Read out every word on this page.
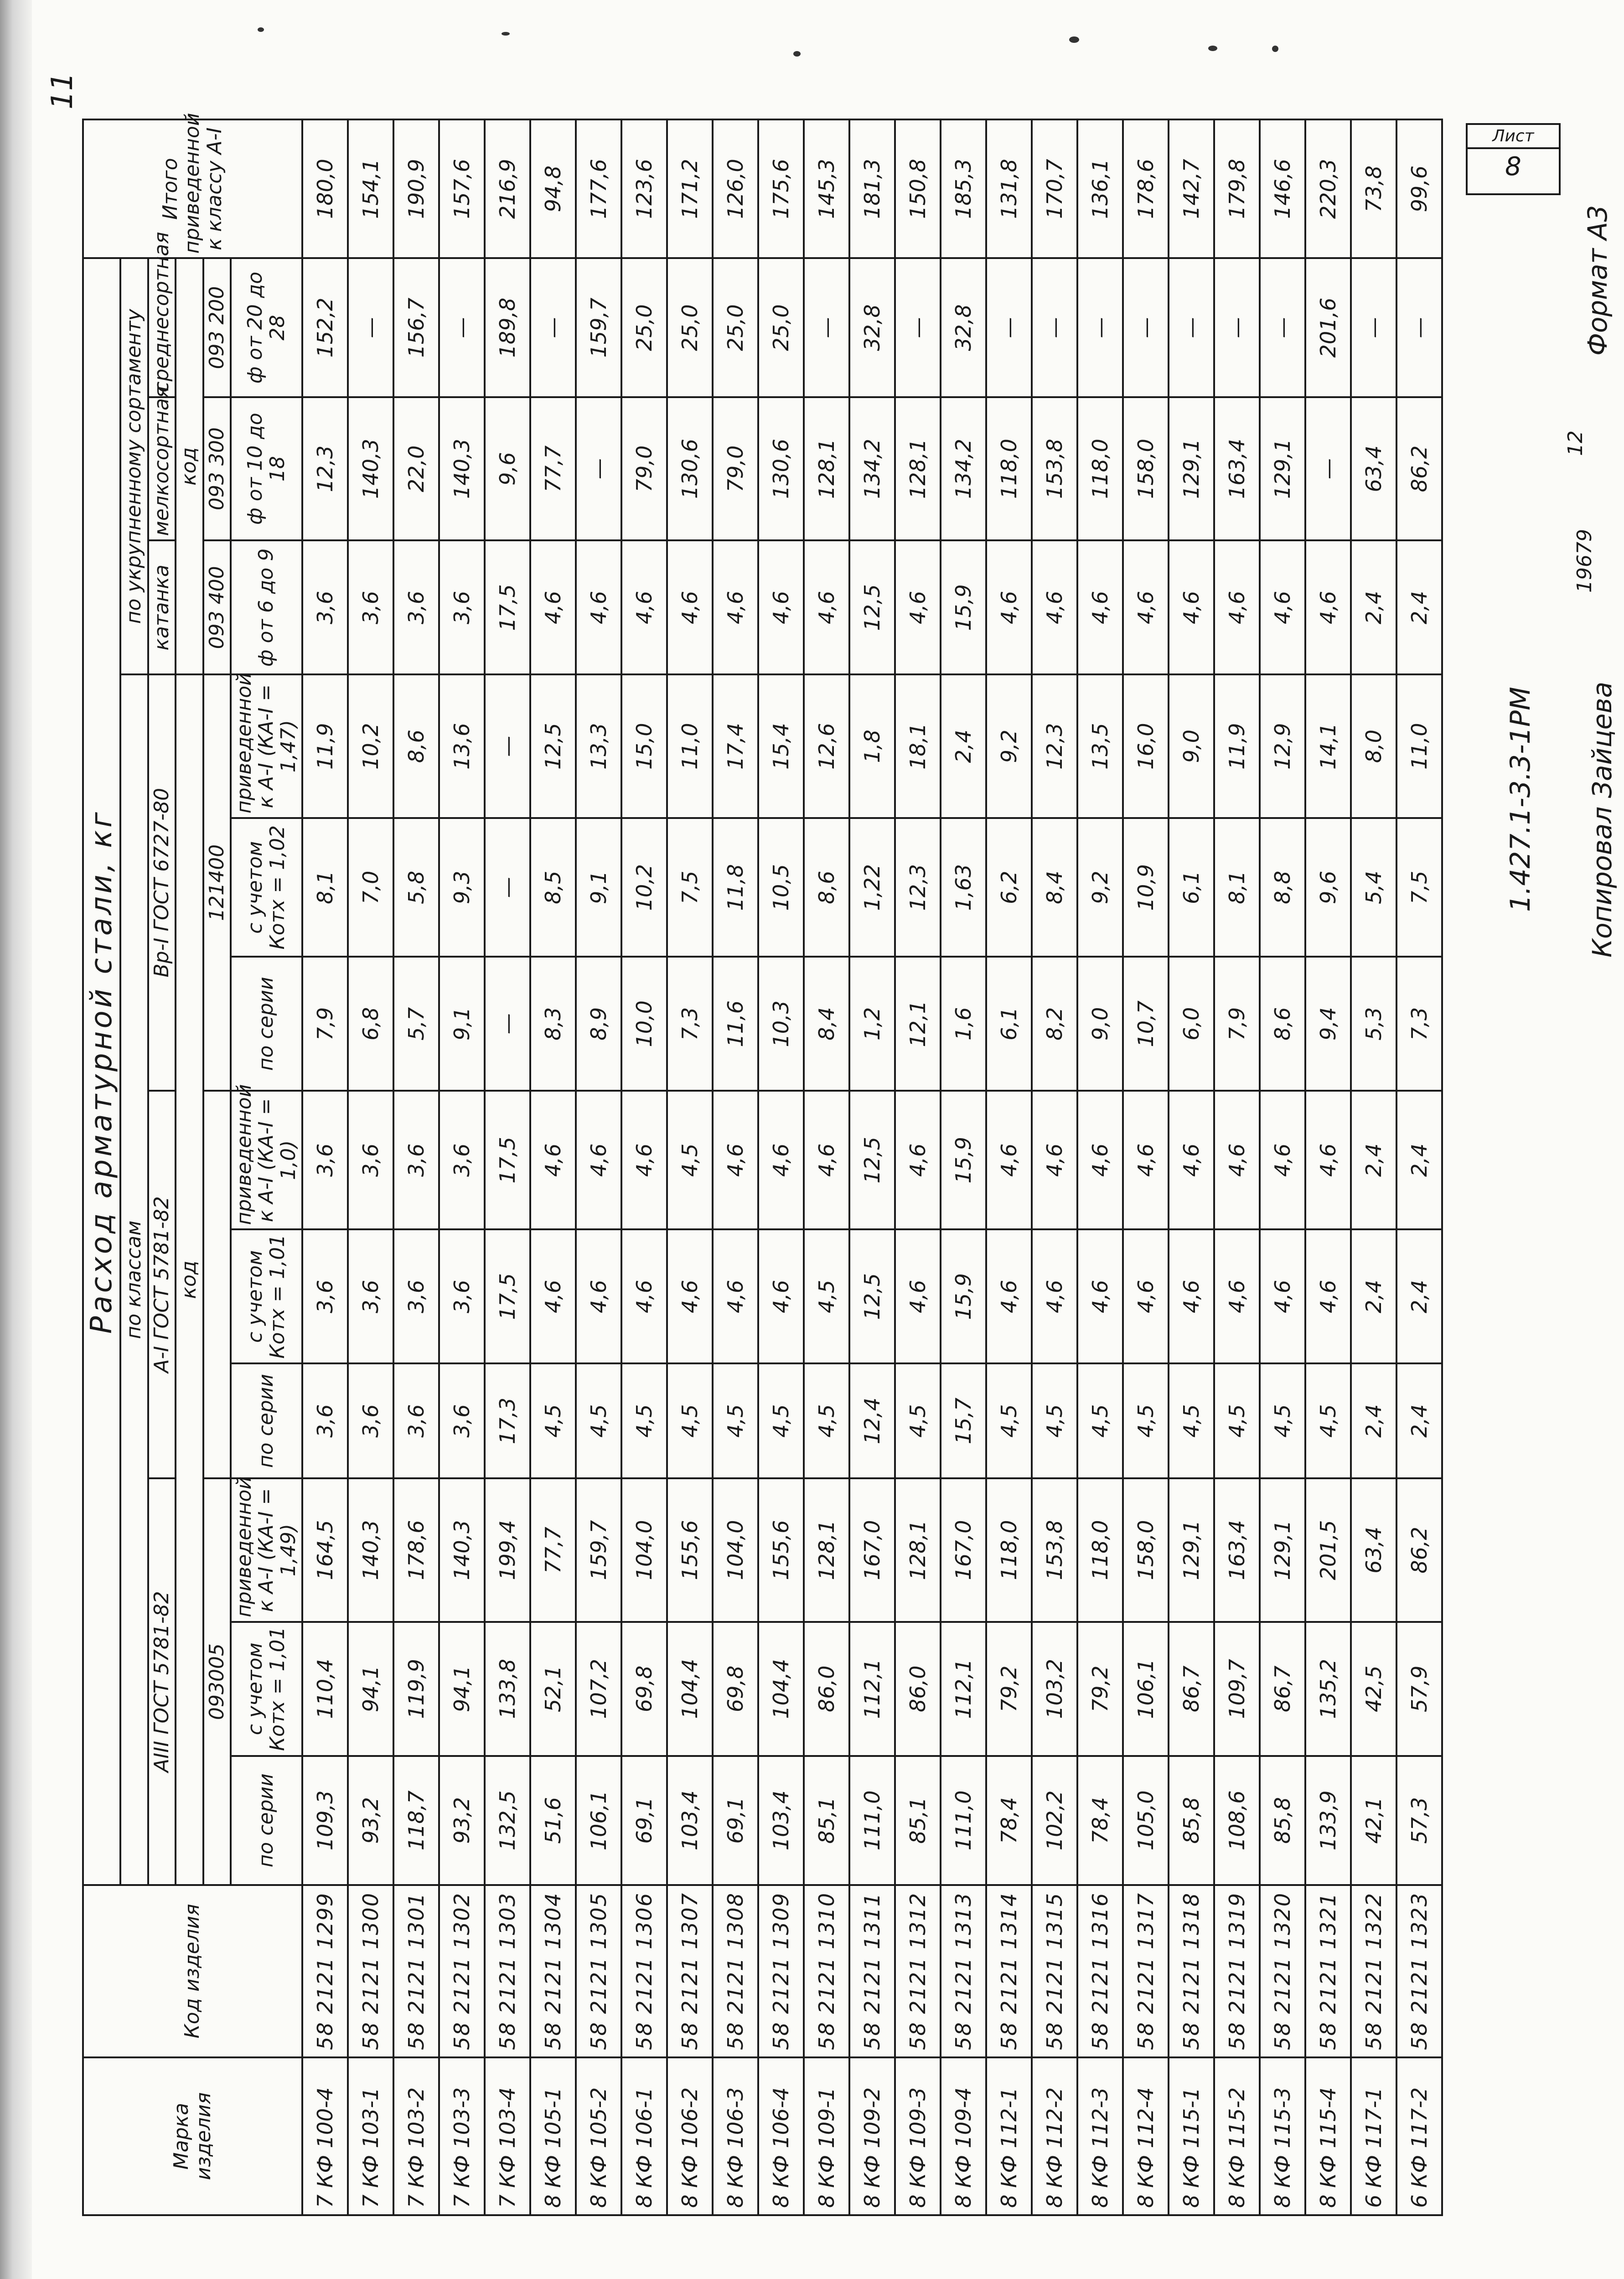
11
Марка изделия	Код изделия	Расход арматурной стали, кг												Итого приведенной к классу А-I
		по классам									по укрупненному сортаменту			
		АIII ГОСТ 5781-82			А-I ГОСТ 5781-82			Вр-I ГОСТ 6727-80			катанка	мелкосортная	среднесортная	
		код									код			
		093005						121400			093 400	093 300	093 200	
		по серии	с учетом Котх = 1,01	приведенной к А-I (КА-I = 1,49)	по серии	с учетом Котх = 1,01	приведенной к А-I (КА-I = 1,0)	по серии	с учетом Котх = 1,02	приведенной к А-I (КА-I = 1,47)	ф от 6 до 9	ф от 10 до 18	ф от 20 до 28	
7 КФ 100-4	58 2121 1299	109,3	110,4	164,5	3,6	3,6	3,6	7,9	8,1	11,9	3,6	12,3	152,2	180,0
7 КФ 103-1	58 2121 1300	93,2	94,1	140,3	3,6	3,6	3,6	6,8	7,0	10,2	3,6	140,3	—	154,1
7 КФ 103-2	58 2121 1301	118,7	119,9	178,6	3,6	3,6	3,6	5,7	5,8	8,6	3,6	22,0	156,7	190,9
7 КФ 103-3	58 2121 1302	93,2	94,1	140,3	3,6	3,6	3,6	9,1	9,3	13,6	3,6	140,3	—	157,6
7 КФ 103-4	58 2121 1303	132,5	133,8	199,4	17,3	17,5	17,5	—	—	—	17,5	9,6	189,8	216,9
8 КФ 105-1	58 2121 1304	51,6	52,1	77,7	4,5	4,6	4,6	8,3	8,5	12,5	4,6	77,7	—	94,8
8 КФ 105-2	58 2121 1305	106,1	107,2	159,7	4,5	4,6	4,6	8,9	9,1	13,3	4,6	—	159,7	177,6
8 КФ 106-1	58 2121 1306	69,1	69,8	104,0	4,5	4,6	4,6	10,0	10,2	15,0	4,6	79,0	25,0	123,6
8 КФ 106-2	58 2121 1307	103,4	104,4	155,6	4,5	4,6	4,5	7,3	7,5	11,0	4,6	130,6	25,0	171,2
8 КФ 106-3	58 2121 1308	69,1	69,8	104,0	4,5	4,6	4,6	11,6	11,8	17,4	4,6	79,0	25,0	126,0
8 КФ 106-4	58 2121 1309	103,4	104,4	155,6	4,5	4,6	4,6	10,3	10,5	15,4	4,6	130,6	25,0	175,6
8 КФ 109-1	58 2121 1310	85,1	86,0	128,1	4,5	4,5	4,6	8,4	8,6	12,6	4,6	128,1	—	145,3
8 КФ 109-2	58 2121 1311	111,0	112,1	167,0	12,4	12,5	12,5	1,2	1,22	1,8	12,5	134,2	32,8	181,3
8 КФ 109-3	58 2121 1312	85,1	86,0	128,1	4,5	4,6	4,6	12,1	12,3	18,1	4,6	128,1	—	150,8
8 КФ 109-4	58 2121 1313	111,0	112,1	167,0	15,7	15,9	15,9	1,6	1,63	2,4	15,9	134,2	32,8	185,3
8 КФ 112-1	58 2121 1314	78,4	79,2	118,0	4,5	4,6	4,6	6,1	6,2	9,2	4,6	118,0	—	131,8
8 КФ 112-2	58 2121 1315	102,2	103,2	153,8	4,5	4,6	4,6	8,2	8,4	12,3	4,6	153,8	—	170,7
8 КФ 112-3	58 2121 1316	78,4	79,2	118,0	4,5	4,6	4,6	9,0	9,2	13,5	4,6	118,0	—	136,1
8 КФ 112-4	58 2121 1317	105,0	106,1	158,0	4,5	4,6	4,6	10,7	10,9	16,0	4,6	158,0	—	178,6
8 КФ 115-1	58 2121 1318	85,8	86,7	129,1	4,5	4,6	4,6	6,0	6,1	9,0	4,6	129,1	—	142,7
8 КФ 115-2	58 2121 1319	108,6	109,7	163,4	4,5	4,6	4,6	7,9	8,1	11,9	4,6	163,4	—	179,8
8 КФ 115-3	58 2121 1320	85,8	86,7	129,1	4,5	4,6	4,6	8,6	8,8	12,9	4,6	129,1	—	146,6
8 КФ 115-4	58 2121 1321	133,9	135,2	201,5	4,5	4,6	4,6	9,4	9,6	14,1	4,6	—	201,6	220,3
6 КФ 117-1	58 2121 1322	42,1	42,5	63,4	2,4	2,4	2,4	5,3	5,4	8,0	2,4	63,4	—	73,8
6 КФ 117-2	58 2121 1323	57,3	57,9	86,2	2,4	2,4	2,4	7,3	7,5	11,0	2,4	86,2	—	99,6
Лист
8
1.427.1-3.3-1РМ Копировал Зайцева
19679
12
Формат А3
